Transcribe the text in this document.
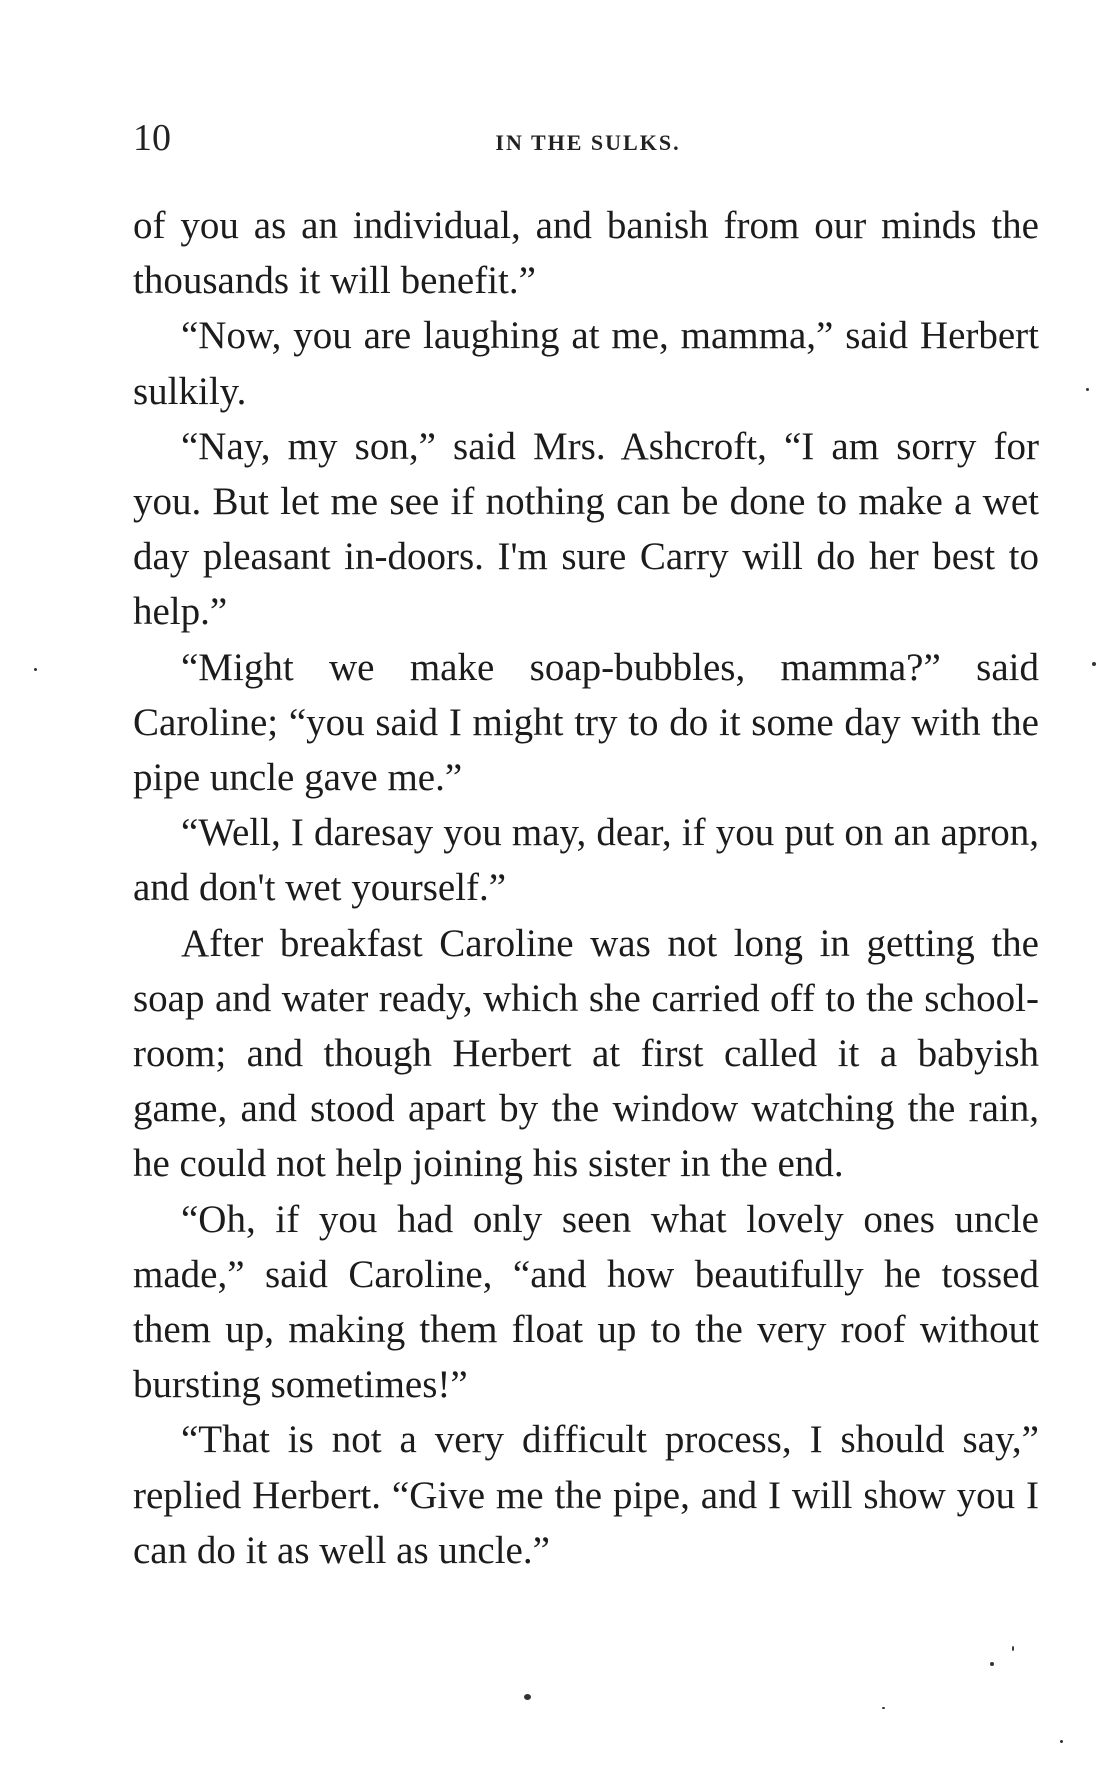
10	IN THE SULKS.

of you as an individual, and banish from our minds the thousands it will benefit.”

“Now, you are laughing at me, mamma,” said Herbert sulkily.

“Nay, my son,” said Mrs. Ashcroft, “I am sorry for you. But let me see if nothing can be done to make a wet day pleasant in-doors. I'm sure Carry will do her best to help.”

“Might we make soap-bubbles, mamma?” said Caroline; “you said I might try to do it some day with the pipe uncle gave me.”

“Well, I daresay you may, dear, if you put on an apron, and don't wet yourself.”

After breakfast Caroline was not long in getting the soap and water ready, which she carried off to the school-room; and though Herbert at first called it a babyish game, and stood apart by the window watching the rain, he could not help joining his sister in the end.

“Oh, if you had only seen what lovely ones uncle made,” said Caroline, “and how beautifully he tossed them up, making them float up to the very roof without bursting sometimes!”

“That is not a very difficult process, I should say,” replied Herbert. “Give me the pipe, and I will show you I can do it as well as uncle.”
